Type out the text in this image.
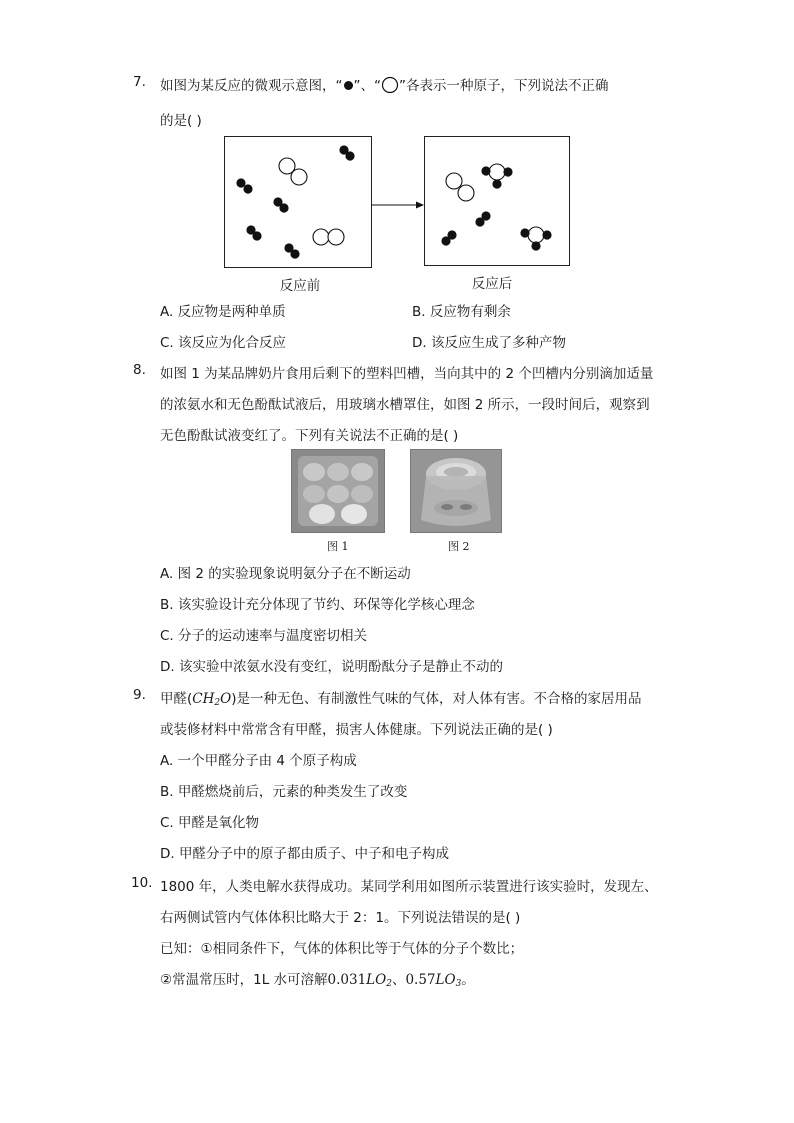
7. 如图为某反应的微观示意图，“ ”、“ ”各表示一种原子，下列说法不正确
的是( )
反应前	反应后
A. 反应物是两种单质	B. 反应物有剩余
C. 该反应为化合反应	D. 该反应生成了多种产物
8. 如图 1 为某品牌奶片食用后剩下的塑料凹槽，当向其中的 2 个凹槽内分别滴加适量
的浓氨水和无色酚酞试液后，用玻璃水槽罩住，如图 2 所示，一段时间后，观察到
无色酚酞试液变红了。下列有关说法不正确的是( )
图 1	图 2
A. 图 2 的实验现象说明氨分子在不断运动
B. 该实验设计充分体现了节约、环保等化学核心理念
C. 分子的运动速率与温度密切相关
D. 该实验中浓氨水没有变红，说明酚酞分子是静止不动的
9. 甲醛$(CH_2O)$是一种无色、有制激性气味的气体，对人体有害。不合格的家居用品
或装修材料中常常含有甲醛，损害人体健康。下列说法正确的是( )
A. 一个甲醛分子由 4 个原子构成
B. 甲醛燃烧前后，元素的种类发生了改变
C. 甲醛是氧化物
D. 甲醛分子中的原子都由质子、中子和电子构成
10. 1800 年，人类电解水获得成功。某同学利用如图所示装置进行该实验时，发现左、
右两侧试管内气体体积比略大于 2：1。下列说法错误的是( )
已知：①相同条件下，气体的体积比等于气体的分子个数比；
②常温常压时，1L 水可溶解$0.031LO_2$、$0.57LO_3$。
